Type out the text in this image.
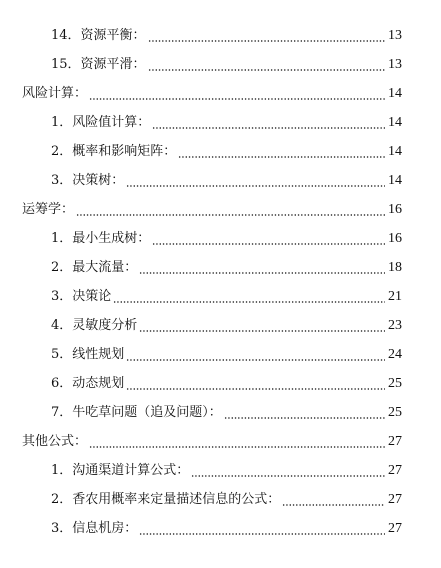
14．资源平衡：	13
15．资源平滑：	13
风险计算：	14
1．风险值计算：	14
2．概率和影响矩阵：	14
3．决策树：	14
运筹学：	16
1．最小生成树：	16
2．最大流量：	18
3．决策论	21
4．灵敏度分析	23
5．线性规划	24
6．动态规划	25
7．牛吃草问题（追及问题）：	25
其他公式：	27
1．沟通渠道计算公式：	27
2．香农用概率来定量描述信息的公式：	27
3．信息机房：	27
